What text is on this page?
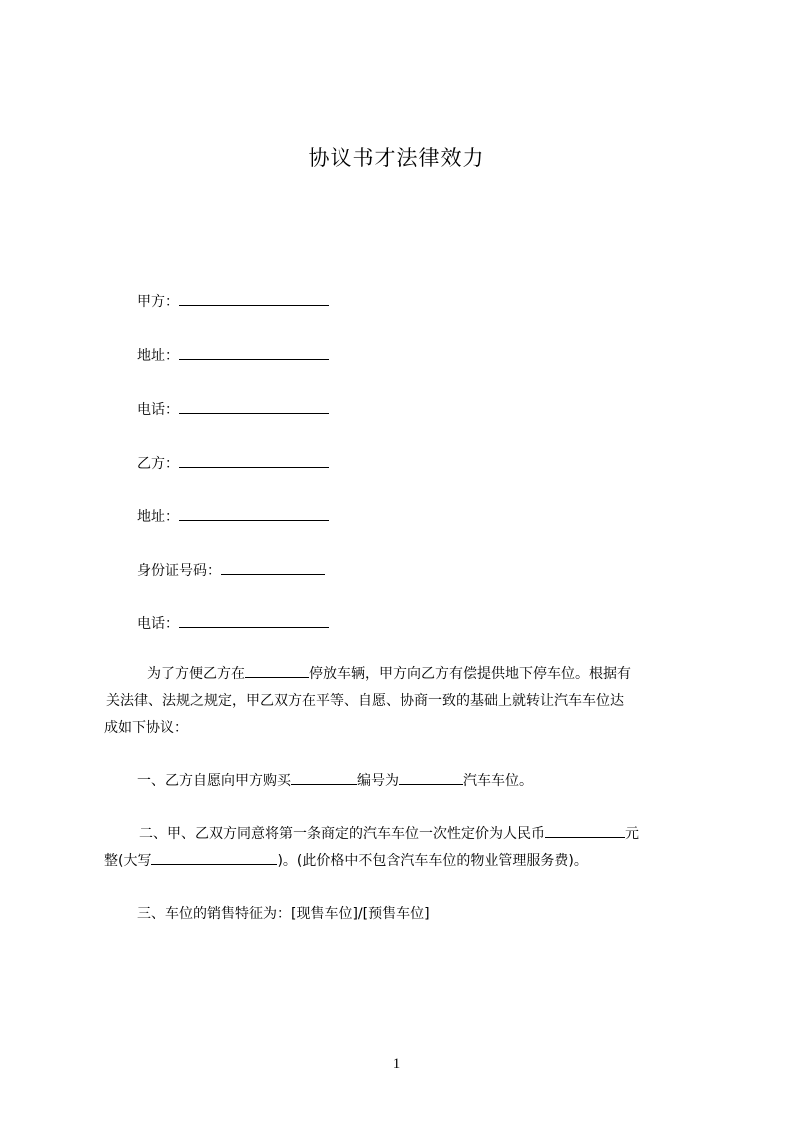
协议书才法律效力
甲方：
地址：
电话：
乙方：
地址：
身份证号码：
电话：
为了方便乙方在	停放车辆，甲方向乙方有偿提供地下停车位。根据有
关法律、法规之规定，甲乙双方在平等、自愿、协商一致的基础上就转让汽车车位达
成如下协议：
一、乙方自愿向甲方购买	编号为	汽车车位。
二、甲、乙双方同意将第一条商定的汽车车位一次性定价为人民币	元
整(大写	)。(此价格中不包含汽车车位的物业管理服务费)。
三、车位的销售特征为：[现售车位]/[预售车位]
1
